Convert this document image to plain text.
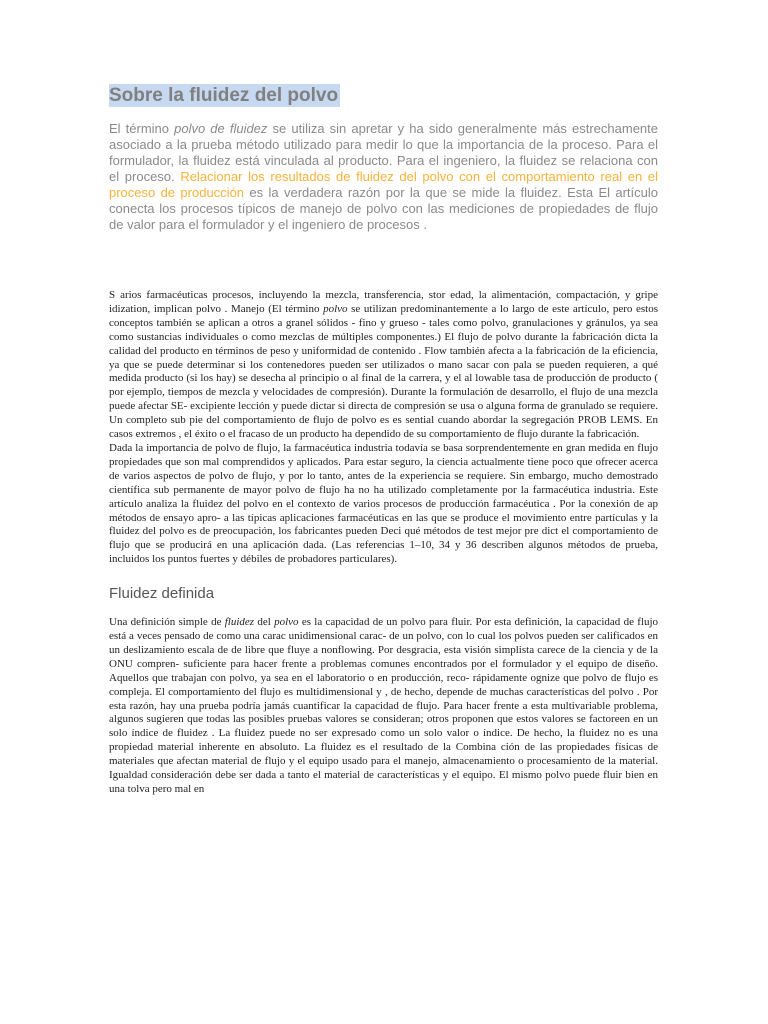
Sobre la fluidez del polvo

El término polvo de fluidez se utiliza sin apretar y ha sido generalmente más estrechamente asociado a la prueba método utilizado para medir lo que la importancia de la proceso. Para el formulador, la fluidez está vinculada al producto. Para el ingeniero, la fluidez se relaciona con el proceso. Relacionar los resultados de fluidez del polvo con el comportamiento real en el proceso de producción es la verdadera razón por la que se mide la fluidez. Esta El artículo conecta los procesos típicos de manejo de polvo con las mediciones de propiedades de flujo de valor para el formulador y el ingeniero de procesos .

S arios farmacéuticas procesos, incluyendo la mezcla, transferencia, stor edad, la alimentación, compactación, y gripe idization, implican polvo . Manejo (El término polvo se utilizan predominantemente a lo largo de este artículo, pero estos conceptos también se aplican a otros a granel sólidos - fino y grueso - tales como polvo, granulaciones y gránulos, ya sea como sustancias individuales o como mezclas de múltiples componentes.) El flujo de polvo durante la fabricación dicta la calidad del producto en términos de peso y uniformidad de contenido . Flow también afecta a la fabricación de la eficiencia, ya que se puede determinar si los contenedores pueden ser utilizados o mano sacar con pala se pueden requieren, a qué medida producto (si los hay) se desecha al principio o al final de la carrera, y el al lowable tasa de producción de producto ( por ejemplo, tiempos de mezcla y velocidades de compresión). Durante la formulación de desarrollo, el flujo de una mezcla puede afectar SE- excipiente lección y puede dictar si directa de compresión se usa o alguna forma de granulado se requiere. Un completo sub pie del comportamiento de flujo de polvo es es sential cuando abordar la segregación PROB LEMS. En casos extremos , el éxito o el fracaso de un producto ha dependido de su comportamiento de flujo durante la fabricación.

Dada la importancia de polvo de flujo, la farmacéutica industria todavía se basa sorprendentemente en gran medida en flujo propiedades que son mal comprendidos y aplicados. Para estar seguro, la ciencia actualmente tiene poco que ofrecer acerca de varios aspectos de polvo de flujo, y por lo tanto, antes de la experiencia se requiere. Sin embargo, mucho demostrado científica sub permanente de mayor polvo de flujo ha no ha utilizado completamente por la farmacéutica industria. Este artículo analiza la fluidez del polvo en el contexto de varios procesos de producción farmacéutica . Por la conexión de ap métodos de ensayo apro- a las típicas aplicaciones farmacéuticas en las que se produce el movimiento entre partículas y la fluidez del polvo es de preocupación, los fabricantes pueden Deci qué métodos de test mejor pre dict el comportamiento de flujo que se producirá en una aplicación dada. (Las referencias 1–10, 34 y 36 describen algunos métodos de prueba, incluidos los puntos fuertes y débiles de probadores particulares).

Fluidez definida

Una definición simple de fluidez del polvo es la capacidad de un polvo para fluir. Por esta definición, la capacidad de flujo está a veces pensado de como una carac unidimensional carac- de un polvo, con lo cual los polvos pueden ser calificados en un deslizamiento escala de de libre que fluye a nonflowing. Por desgracia, esta visión simplista carece de la ciencia y de la ONU compren- suficiente para hacer frente a problemas comunes encontrados por el formulador y el equipo de diseño. Aquellos que trabajan con polvo, ya sea en el laboratorio o en producción, reco- rápidamente ognize que polvo de flujo es compleja. El comportamiento del flujo es multidimensional y , de hecho, depende de muchas características del polvo . Por esta razón, hay una prueba podría jamás cuantificar la capacidad de flujo. Para hacer frente a esta multivariable problema, algunos sugieren que todas las posibles pruebas valores se consideran; otros proponen que estos valores se factoreen en un solo índice de fluidez . La fluidez puede no ser expresado como un solo valor o índice. De hecho, la fluidez no es una propiedad material inherente en absoluto. La fluidez es el resultado de la Combina ción de las propiedades físicas de materiales que afectan material de flujo y el equipo usado para el manejo, almacenamiento o procesamiento de la material. Igualdad consideración debe ser dada a tanto el material de características y el equipo. El mismo polvo puede fluir bien en una tolva pero mal en
